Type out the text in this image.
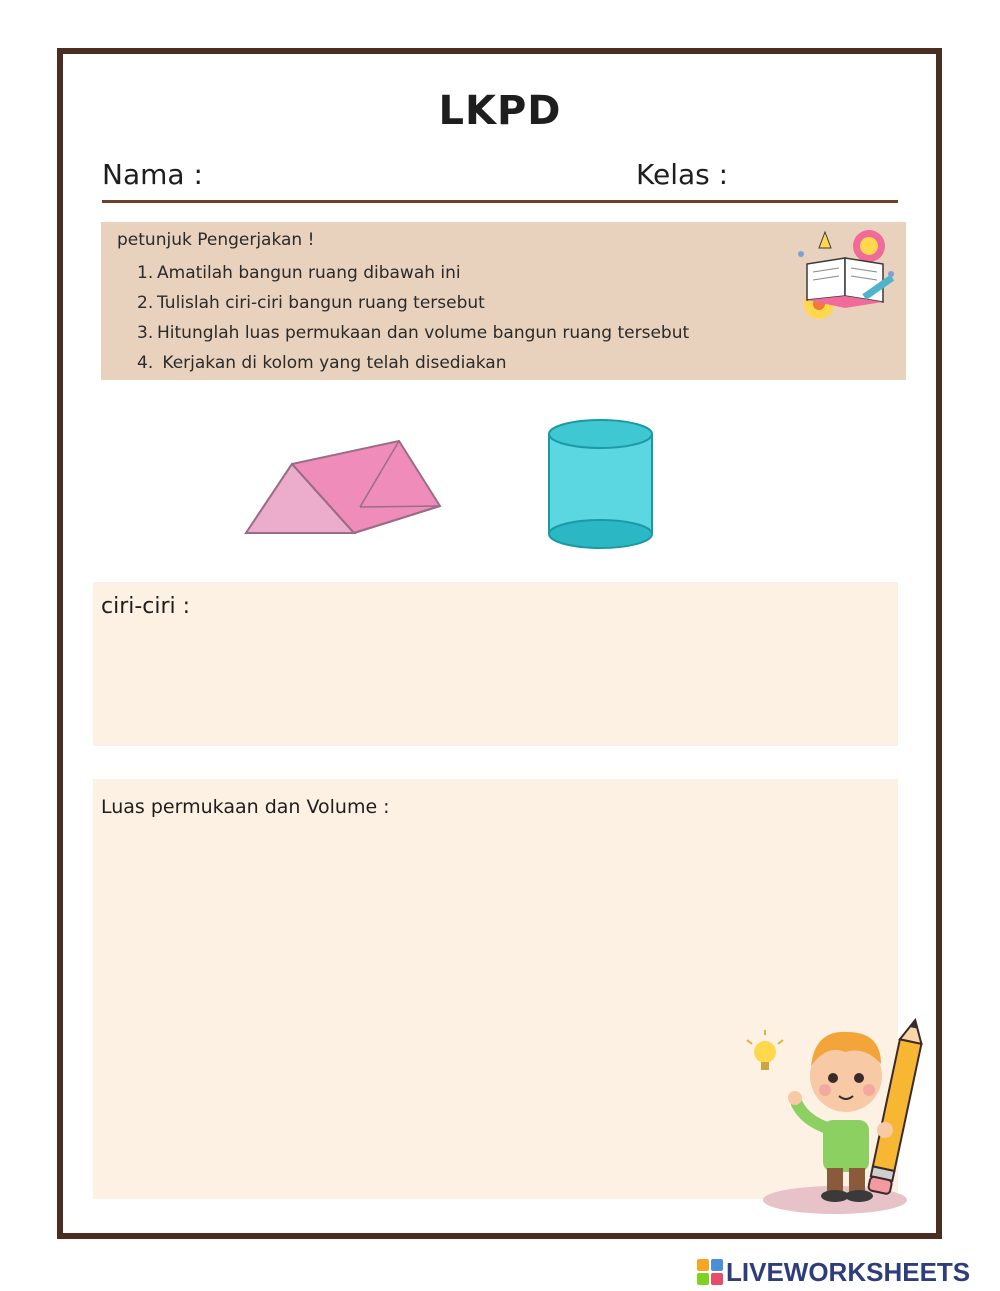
LKPD
Nama :	Kelas :
petunjuk Pengerjakan !
1. Amatilah bangun ruang dibawah ini
2. Tulislah ciri-ciri bangun ruang tersebut
3. Hitunglah luas permukaan dan volume bangun ruang tersebut
4. Kerjakan di kolom yang telah disediakan
ciri-ciri :
Luas permukaan dan Volume :
LIVEWORKSHEETS
